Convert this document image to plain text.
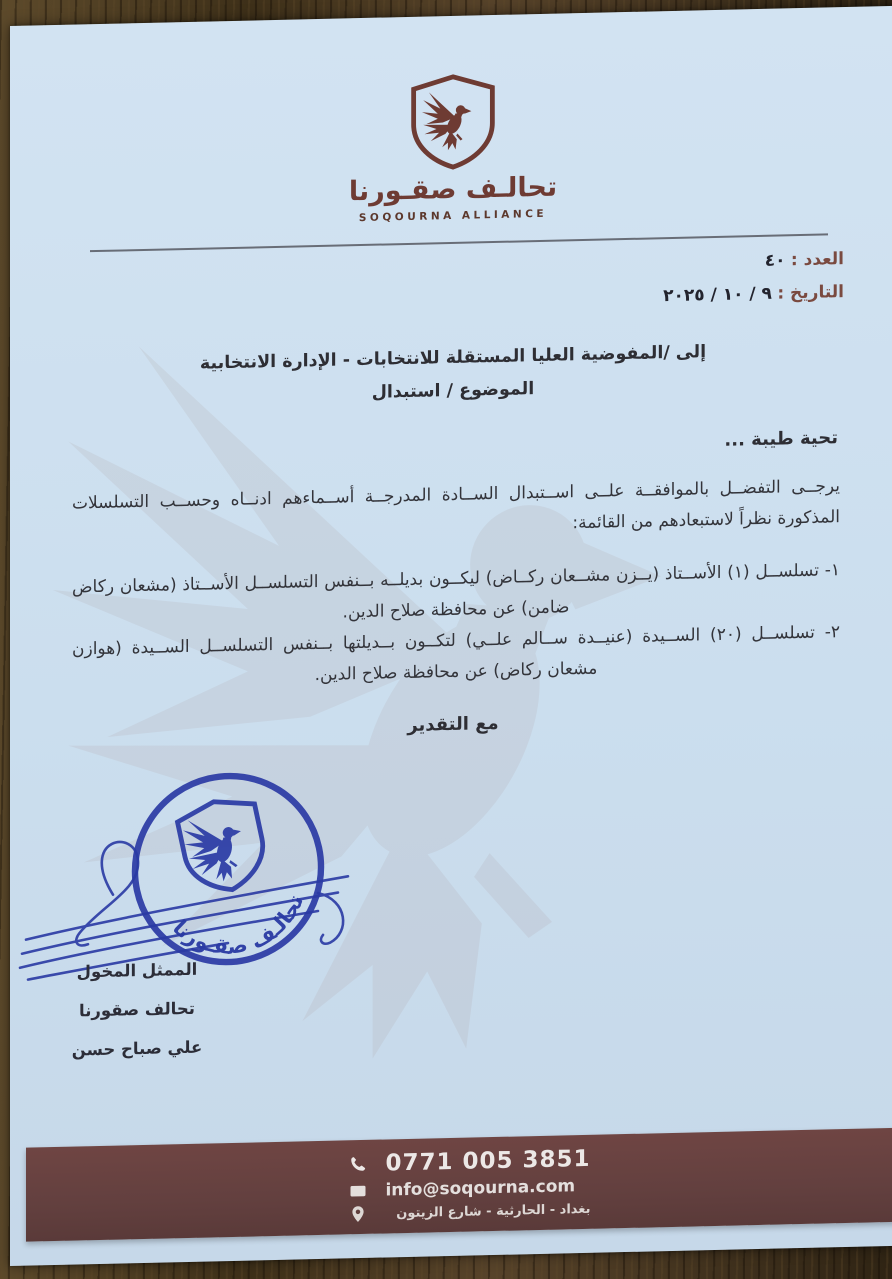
تحالـف صقـورنا
SOQOURNA ALLIANCE
العدد : ٤٠
التاريخ : ٩ / ١٠ / ٢٠٢٥
إلى /المفوضية العليا المستقلة للانتخابات - الإدارة الانتخابية
الموضوع / استبدال
تحية طيبة ...
يرجــى التفضــل بالموافقــة علــى اســتبدال الســادة المدرجــة أســماءهم ادنــاه وحســب التسلسلات المذكورة نظراً لاستبعادهم من القائمة:
١- تسلســل (١) الأســتاذ (يــزن مشــعان ركــاض) ليكــون بديلــه بــنفس التسلســل الأســتاذ (مشعان ركاض ضامن) عن محافظة صلاح الدين.
٢- تسلســل (٢٠) الســيدة (عنيــدة ســالم علــي) لتكــون بــديلتها بــنفس التسلســل الســيدة (هوازن مشعان ركاض) عن محافظة صلاح الدين.
مع التقدير
تحالـف صقـورنا
الممثل المخول
تحالف صقورنا
علي صباح حسن
0771 005 3851
info@soqourna.com
بغداد - الحارثية - شارع الزيتون
